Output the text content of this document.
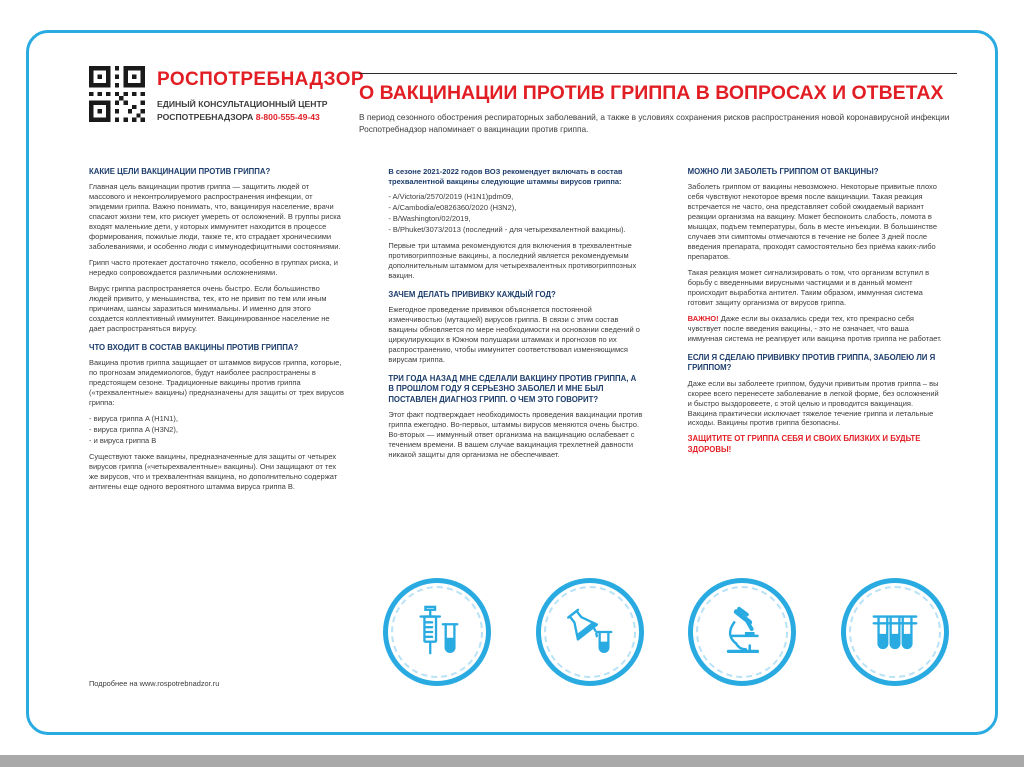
РОСПОТРЕБНАДЗОР
ЕДИНЫЙ КОНСУЛЬТАЦИОННЫЙ ЦЕНТР
РОСПОТРЕБНАДЗОРА 8-800-555-49-43
О ВАКЦИНАЦИИ ПРОТИВ ГРИППА В ВОПРОСАХ И ОТВЕТАХ
В период сезонного обострения респираторных заболеваний, а также в условиях сохранения рисков распространения новой коронавирусной инфекции Роспотребнадзор напоминает о вакцинации против гриппа.
КАКИЕ ЦЕЛИ ВАКЦИНАЦИИ ПРОТИВ ГРИППА?

Главная цель вакцинации против гриппа — защитить людей от массового и неконтролируемого распространения инфекции, от эпидемии гриппа. Важно понимать, что, вакцинируя население, врачи спасают жизни тем, кто рискует умереть от осложнений. В группы риска входят маленькие дети, у которых иммунитет находится в процессе формирования, пожилые люди, также те, кто страдает хроническими заболеваниями, и особенно люди с иммунодефицитными состояниями.

Грипп часто протекает достаточно тяжело, особенно в группах риска, и нередко сопровождается различными осложнениями.

Вирус гриппа распространяется очень быстро. Если большинство людей привито, у меньшинства, тех, кто не привит по тем или иным причинам, шансы заразиться минимальны. И именно для этого создается коллективный иммунитет. Вакцинированное население не дает распространяться вирусу.

ЧТО ВХОДИТ В СОСТАВ ВАКЦИНЫ ПРОТИВ ГРИППА?

Вакцина против гриппа защищает от штаммов вирусов гриппа, которые, по прогнозам эпидемиологов, будут наиболее распространены в предстоящем сезоне. Традиционные вакцины против гриппа («трехвалентные» вакцины) предназначены для защиты от трех вирусов гриппа:

- вируса гриппа A (H1N1),
- вируса гриппа A (H3N2),
- и вируса гриппа B

Существуют также вакцины, предназначенные для защиты от четырех вирусов гриппа («четырехвалентные» вакцины). Они защищают от тех же вирусов, что и трехвалентная вакцина, но дополнительно содержат антигены еще одного вероятного штамма вируса гриппа B.

В сезоне 2021-2022 годов ВОЗ рекомендует включать в состав трехвалентной вакцины следующие штаммы вирусов гриппа:
- A/Victoria/2570/2019 (H1N1)pdm09,
- A/Cambodia/e0826360/2020 (H3N2),
- B/Washington/02/2019,
- B/Phuket/3073/2013 (последний - для четырехвалентной вакцины).

Первые три штамма рекомендуются для включения в трехвалентные противогриппозные вакцины, а последний является рекомендуемым дополнительным штаммом для четырехвалентных противогриппозных вакцин.

ЗАЧЕМ ДЕЛАТЬ ПРИВИВКУ КАЖДЫЙ ГОД?

Ежегодное проведение прививок объясняется постоянной изменчивостью (мутацией) вирусов гриппа. В связи с этим состав вакцины обновляется по мере необходимости на основании сведений о циркулирующих в Южном полушарии штаммах и прогнозов по их распространению, чтобы иммунитет соответствовал изменяющимся вирусам гриппа.

ТРИ ГОДА НАЗАД МНЕ СДЕЛАЛИ ВАКЦИНУ ПРОТИВ ГРИППА, А В ПРОШЛОМ ГОДУ Я СЕРЬЕЗНО ЗАБОЛЕЛ И МНЕ БЫЛ ПОСТАВЛЕН ДИАГНОЗ ГРИПП. О ЧЕМ ЭТО ГОВОРИТ?

Этот факт подтверждает необходимость проведения вакцинации против гриппа ежегодно. Во-первых, штаммы вирусов меняются очень быстро. Во-вторых — иммунный ответ организма на вакцинацию ослабевает с течением времени. В вашем случае вакцинация трехлетней давности никакой защиты для организма не обеспечивает.

МОЖНО ЛИ ЗАБОЛЕТЬ ГРИППОМ ОТ ВАКЦИНЫ?

Заболеть гриппом от вакцины невозможно. Некоторые привитые плохо себя чувствуют некоторое время после вакцинации. Такая реакция встречается не часто, она представляет собой ожидаемый вариант реакции организма на вакцину. Может беспокоить слабость, ломота в мышцах, подъем температуры, боль в месте инъекции. В большинстве случаев эти симптомы отмечаются в течение не более 3 дней после введения препарата, проходят самостоятельно без приёма каких-либо препаратов.

Такая реакция может сигнализировать о том, что организм вступил в борьбу с введенными вирусными частицами и в данный момент происходит выработка антител. Таким образом, иммунная система готовит защиту организма от вирусов гриппа.

ВАЖНО! Даже если вы оказались среди тех, кто прекрасно себя чувствует после введения вакцины, - это не означает, что ваша иммунная система не реагирует или вакцина против гриппа не работает.

ЕСЛИ Я СДЕЛАЮ ПРИВИВКУ ПРОТИВ ГРИППА, ЗАБОЛЕЮ ЛИ Я ГРИППОМ?

Даже если вы заболеете гриппом, будучи привитым против гриппа – вы скорее всего перенесете заболевание в легкой форме, без осложнений и быстро выздоровеете, с этой целью и проводится вакцинация. Вакцина практически исключает тяжелое течение гриппа и летальные исходы. Вакцины против гриппа безопасны.

ЗАЩИТИТЕ ОТ ГРИППА СЕБЯ И СВОИХ БЛИЗКИХ И БУДЬТЕ ЗДОРОВЫ!

Подробнее на www.rospotrebnadzor.ru
